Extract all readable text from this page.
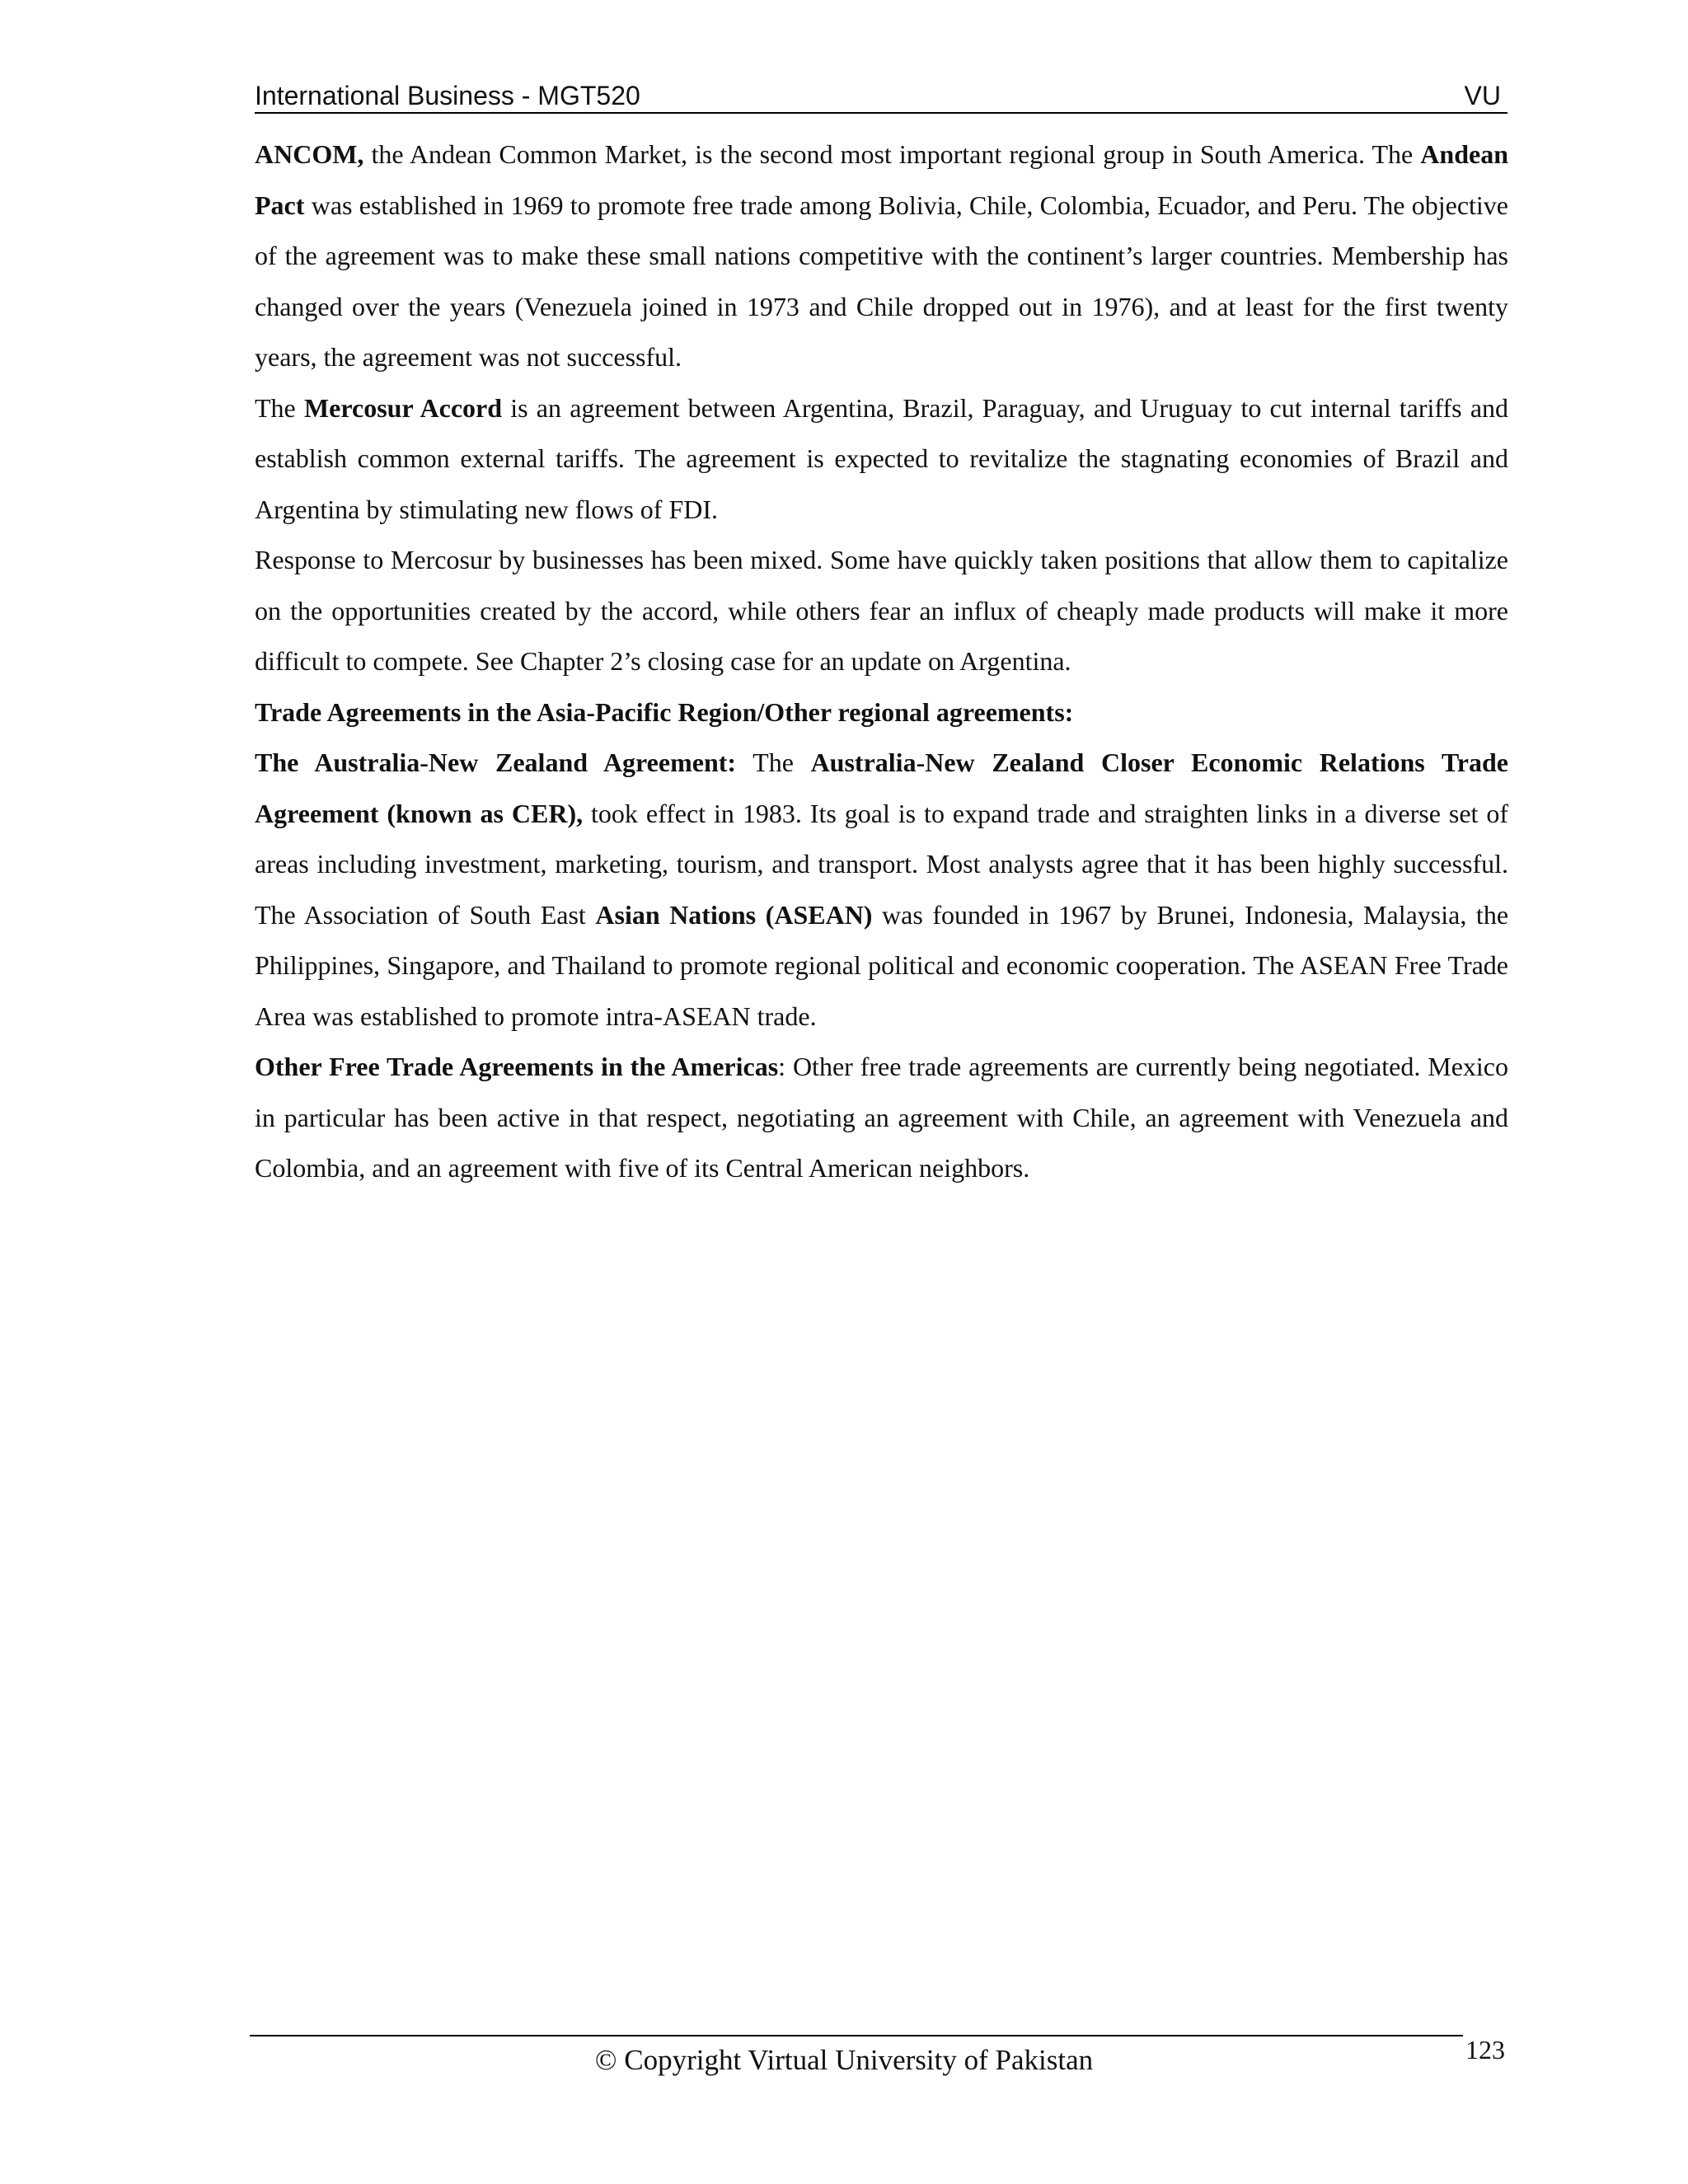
International Business - MGT520	VU

ANCOM, the Andean Common Market, is the second most important regional group in South America. The Andean Pact was established in 1969 to promote free trade among Bolivia, Chile, Colombia, Ecuador, and Peru. The objective of the agreement was to make these small nations competitive with the continent’s larger countries. Membership has changed over the years (Venezuela joined in 1973 and Chile dropped out in 1976), and at least for the first twenty years, the agreement was not successful.

The Mercosur Accord is an agreement between Argentina, Brazil, Paraguay, and Uruguay to cut internal tariffs and establish common external tariffs. The agreement is expected to revitalize the stagnating economies of Brazil and Argentina by stimulating new flows of FDI.

Response to Mercosur by businesses has been mixed. Some have quickly taken positions that allow them to capitalize on the opportunities created by the accord, while others fear an influx of cheaply made products will make it more difficult to compete. See Chapter 2’s closing case for an update on Argentina.

Trade Agreements in the Asia-Pacific Region/Other regional agreements:

The Australia-New Zealand Agreement: The Australia-New Zealand Closer Economic Relations Trade Agreement (known as CER), took effect in 1983. Its goal is to expand trade and straighten links in a diverse set of areas including investment, marketing, tourism, and transport. Most analysts agree that it has been highly successful. The Association of South East Asian Nations (ASEAN) was founded in 1967 by Brunei, Indonesia, Malaysia, the Philippines, Singapore, and Thailand to promote regional political and economic cooperation. The ASEAN Free Trade Area was established to promote intra-ASEAN trade.

Other Free Trade Agreements in the Americas: Other free trade agreements are currently being negotiated. Mexico in particular has been active in that respect, negotiating an agreement with Chile, an agreement with Venezuela and Colombia, and an agreement with five of its Central American neighbors.

© Copyright Virtual University of Pakistan	123
